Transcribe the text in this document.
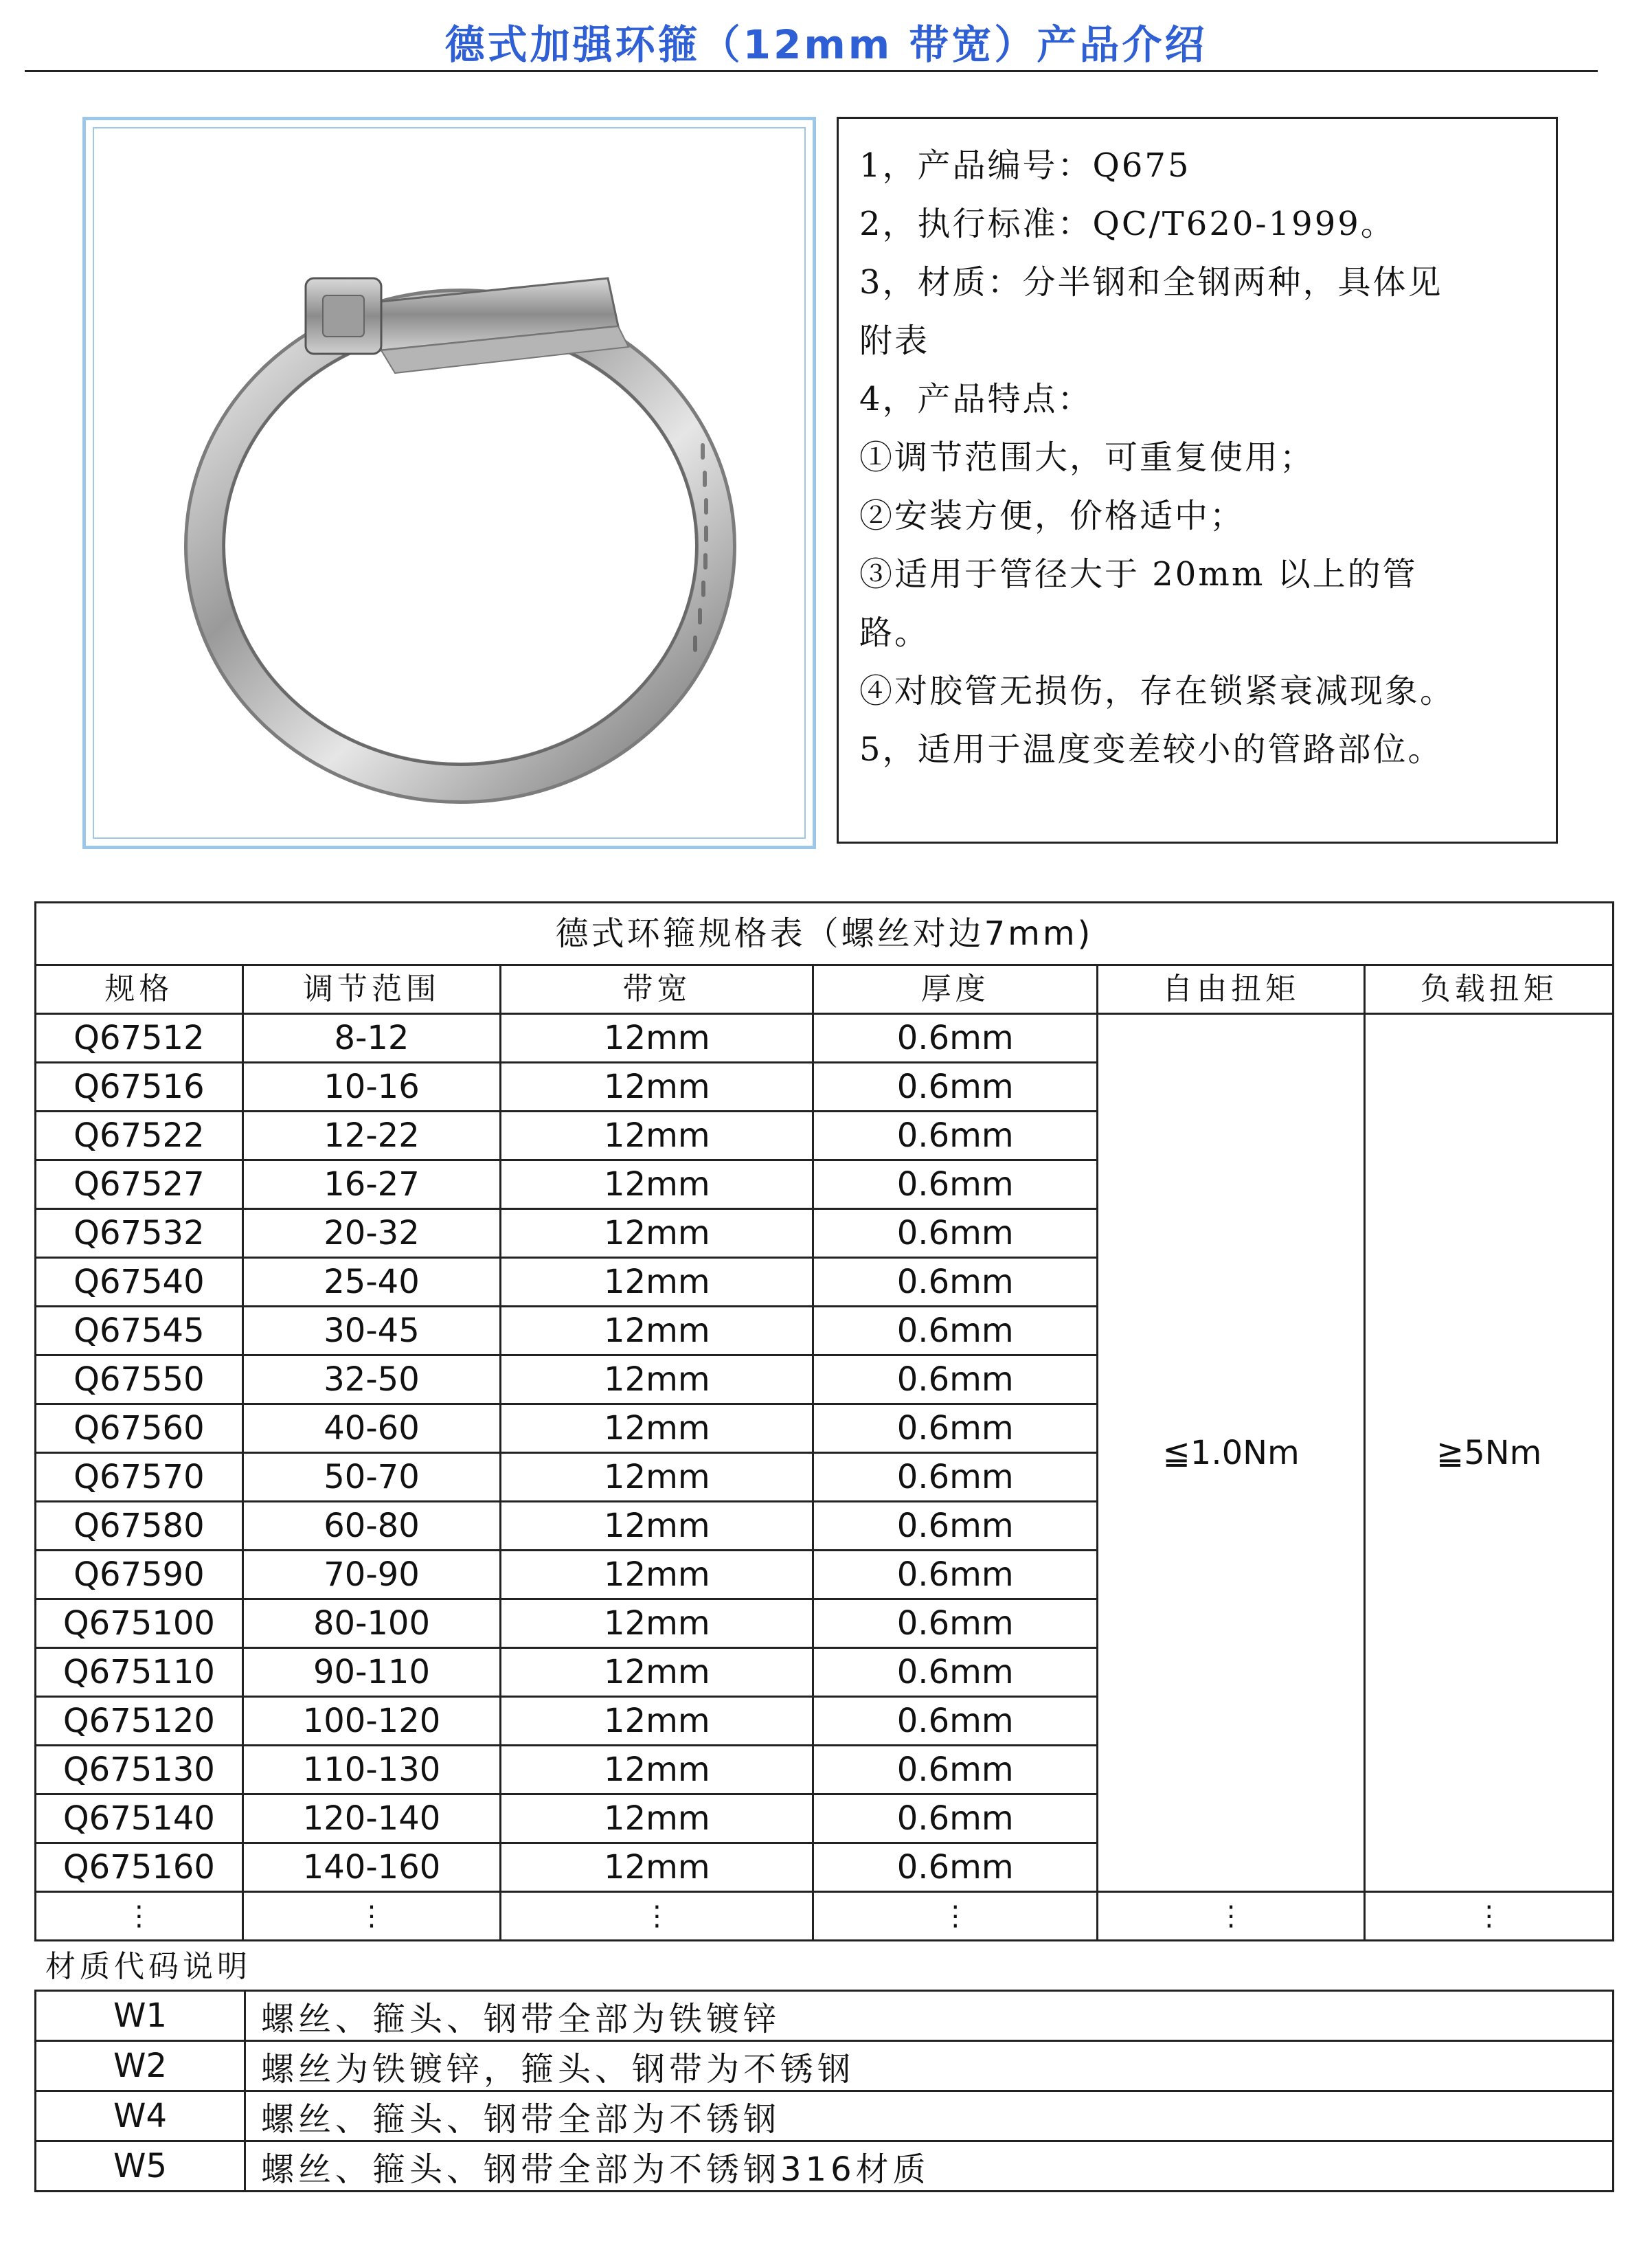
德式加强环箍（12mm 带宽）产品介绍

1，产品编号：Q675

2，执行标准：QC/T620-1999。

3，材质：分半钢和全钢两种，具体见

附表

4，产品特点：

①调节范围大，可重复使用；

②安装方便，价格适中；

③适用于管径大于 20mm 以上的管

路。

④对胶管无损伤，存在锁紧衰减现象。

5，适用于温度变差较小的管路部位。

德式环箍规格表（螺丝对边7mm)					
规格	调节范围	带宽	厚度	自由扭矩	负载扭矩
Q67512	8-12	12mm	0.6mm	≦1.0Nm	≧5Nm
Q67516	10-16	12mm	0.6mm		
Q67522	12-22	12mm	0.6mm		
Q67527	16-27	12mm	0.6mm		
Q67532	20-32	12mm	0.6mm		
Q67540	25-40	12mm	0.6mm		
Q67545	30-45	12mm	0.6mm		
Q67550	32-50	12mm	0.6mm		
Q67560	40-60	12mm	0.6mm		
Q67570	50-70	12mm	0.6mm		
Q67580	60-80	12mm	0.6mm		
Q67590	70-90	12mm	0.6mm		
Q675100	80-100	12mm	0.6mm		
Q675110	90-110	12mm	0.6mm		
Q675120	100-120	12mm	0.6mm		
Q675130	110-130	12mm	0.6mm		
Q675140	120-140	12mm	0.6mm		
Q675160	140-160	12mm	0.6mm		
⋮	⋮	⋮	⋮	⋮	⋮
材质代码说明
W1	螺丝、箍头、钢带全部为铁镀锌
W2	螺丝为铁镀锌，箍头、钢带为不锈钢
W4	螺丝、箍头、钢带全部为不锈钢
W5	螺丝、箍头、钢带全部为不锈钢316材质
